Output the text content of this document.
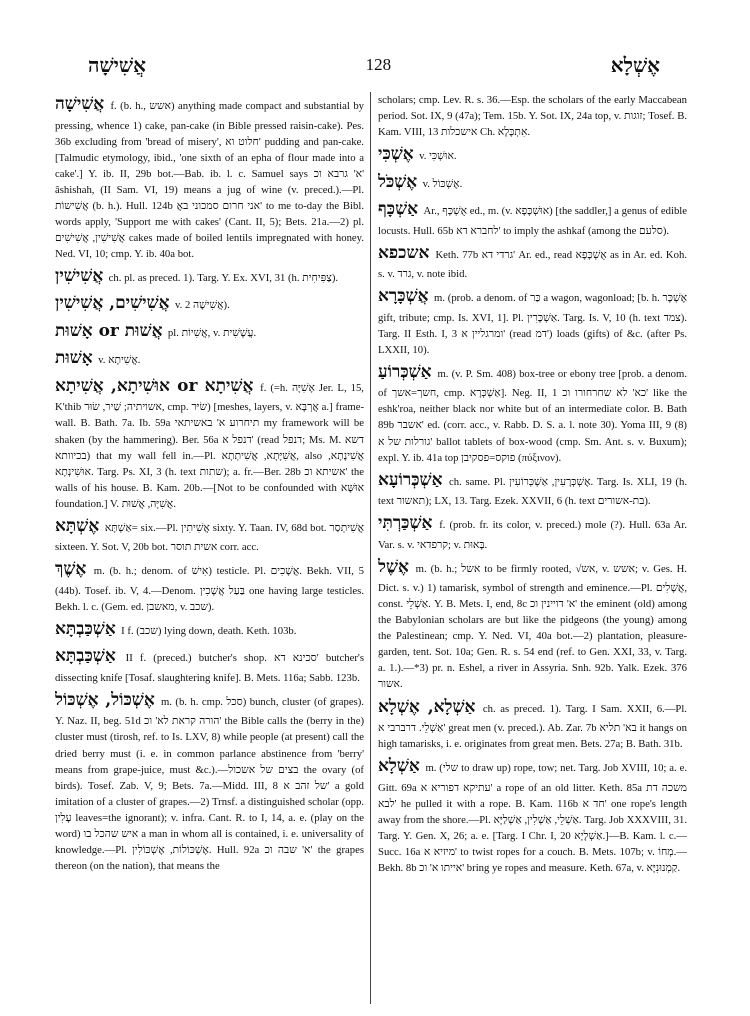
אֲשִׁישָׁה	128	אֶשְׁלָא

אֲשִׁישָׁה f. (b. h., אשש) anything made compact and substantial by pressing, whence 1) cake, pan-cake (in Bible pressed raisin-cake). Pes. 36b excluding from 'bread of misery', חלוט וא' pudding and pan-cake. [Talmudic etymology, ibid., 'one sixth of an epha of flour made into a cake'.] Y. ib. II, 29b bot.—Bab. ib. l. c. Samuel says א' גרבא וכ' âshishah, (II Sam. VI, 19) means a jug of wine (v. preced.).—Pl. אֲשִׁישוֹת (b. h.). Hull. 124b אני חרום סמכוני באֲ' to me to-day the Bibl. words apply, 'Support me with cakes' (Cant. II, 5); Bets. 21a.—2) pl. אֲשִׁישִׁין, אֲשִׁישִׁים cakes made of boiled lentils impregnated with honey. Ned. VI, 10; cmp. Y. ib. 40a bot.

אֲשִׁישִׁין ch. pl. as preced. 1). Targ. Y. Ex. XVI, 31 (h. צַפִּיחִית).

אֲשִׁישִׁים, אֲשִׁישִׁין v. אֲשִׁישָׁה 2).

אֲשׁוּת or אָשׁוּת pl. אֲשִׁיוֹת, v. עֲשָׁשִׁית.

אָשׁוּת v. אֲשִׁיתָא.

אֲשִׁיתָא or אוּשִׁיתָא, אֲשִׁיתָא f. (=h. אָשִׁיָּה Jer. L, 15, K'thib אשויתיה; שַׁיר, שׂוּר, cmp. שׂיּר) [meshes, layers, v. אֲרְבָּא a.] frame-wall. B. Bath. 7a. Ib. 59a תיחרוע א' באשיתאי my framework will be shaken (by the hammering). Ber. 56a דנפל א' (read דנפל; Ms. M. דשא בכיוותא) that my wall fell in.—Pl. אֲשִׁיָּתָא, אֲשִׁיתְתָא, also אֲשִׁינָתָא, אוּשִׁינְתָא. Targ. Ps. XI, 3 (h. text שתות); a. fr.—Ber. 28b אשיתא וכ' the walls of his house. B. Kam. 20b.—[Not to be confounded with אוּשָּׁא foundation.] V. אֲשִׁיָּה, אֲשׁוּת.

אֶשְׁתָּא אַשְׁתָּא= six.—Pl. אֲשִׁיתִין sixty. Y. Taan. IV, 68d bot. אֲשִׁיתְסַר sixteen. Y. Sot. V, 20b bot. אשית תוסר corr. acc.

אֶשֶׁךְ m. (b. h.; denom. of אִישׁ) testicle. Pl. אֲשָׁכִים. Bekh. VII, 5 (44b). Tosef. ib. V, 4.—Denom. בַּעַל אֲשָׁכִין one having large testicles. Bekh. l. c. (Gem. ed. מאשבן, v. שכב).

אַשְׁכַּבְתָּא I f. (שכב) lying down, death. Keth. 103b.

אַשְׁכַּבְתָּא II f. (preced.) butcher's shop. סכינא דא' butcher's dissecting knife [Tosaf. slaughtering knife]. B. Mets. 116a; Sabb. 123b.

אֶשְׁכּוֹל, אֶשְׁכּוֹל m. (b. h. cmp. סכל) bunch, cluster (of grapes). Y. Naz. II, beg. 51d הורה קראת לא' וכ' the Bible calls the (berry in the) cluster must (tirosh, ref. to Is. LXV, 8) while people (at present) call the dried berry must (i. e. in common parlance abstinence from 'berry' means from grape-juice, must &c.).—בצים של אשכול the ovary (of birds). Tosef. Zab. V, 9; Bets. 7a.—Midd. III, 8 של זהב א' a gold imitation of a cluster of grapes.—2) Trnsf. a distinguished scholar (opp. עָלִין leaves=the ignorant); v. infra. Cant. R. to I, 14, a. e. (play on the word) איש שהכל בו a man in whom all is contained, i. e. universality of knowledge.—Pl. אֶשְׁכּוֹלוֹת, אֶשְׁכּוֹלִין. Hull. 92a א' שבה וכ' the grapes thereon (on the nation), that means the

scholars; cmp. Lev. R. s. 36.—Esp. the scholars of the early Maccabean period. Sot. IX, 9 (47a); Tem. 15b. Y. Sot. IX, 24a top, v. זוגות; Tosef. B. Kam. VIII, 13 אישכלות Ch. אִתְכָּלָא.

אֶשְׁכִּי v. אוּשְׁכִּי.

אֶשְׁכֹּל v. אֶשְׁכּוֹל.

אַשְׁכָּף Ar., אֻשְׁכָּף ed., m. (v. אוּשְׁכָּפָא) [the saddler,] a genus of edible locusts. Hull. 65b לחברא דא' to imply the ashkaf (among the סלעם).

אשכפא Keth. 77b גרדי דא' Ar. ed., read אֻשְׁכָּפָא as in Ar. ed. Koh. s. v. גרד, v. note ibid.

אֲשְׁכָּרָא m. (prob. a denom. of כַּר a wagon, wagonload; [b. h. אֶשְׁכָּר gift, tribute; cmp. Is. XVI, 1]. Pl. אַשְׁכָּרִין. Targ. Is. V, 10 (h. text צמד). Targ. II Esth. I, 3 ומרגליין א' (read דמ') loads (gifts) of &c. (after Ps. LXXII, 10).

אַשְׁכְּרוֹעַ m. (v. P. Sm. 408) box-tree or ebony tree [prob. a denom. of חשך=אשך, cmp. אַשְׁכְּרָא]. Neg. II, 1 כא' לא שחרחורו וכ' like the eshk'roa, neither black nor white but of an intermediate color. B. Bath 89b אשבר' ed. (corr. acc., v. Rabb. D. S. a. l. note 30). Yoma III, 9 (8) גורלות של א' ballot tablets of box-wood (cmp. Sm. Ant. s. v. Buxum); expl. Y. ib. 41a top פוקס=פסקיבן (πύξινον).

אַשְׁכְּרוֹעָא ch. same. Pl. אֶשְׁכְּרָעִין, אַשְׁכְּרוֹעִין. Targ. Is. XLI, 19 (h. text תאשור); LX, 13. Targ. Ezek. XXVII, 6 (h. text בת-אשורים).

אַשְׁכַּרְתִּי f. (prob. fr. its color, v. preced.) mole (?). Hull. 63a Ar. Var. s. v. קרפדאי; v. בָּאוּת.

אֶשֶׁל m. (b. h.; אשל to be firmly rooted, √אש, v. אשש; v. Ges. H. Dict. s. v.) 1) tamarisk, symbol of strength and eminence.—Pl. אֲשָׁלִים, const. אַשְׁלֵי. Y. B. Mets. I, end, 8c א' דויינין וכ' the eminent (old) among the Babylonian scholars are but like the pidgeons (the young) among the Palestinean; cmp. Y. Ned. VI, 40a bot.—2) plantation, pleasure-garden, tent. Sot. 10a; Gen. R. s. 54 end (ref. to Gen. XXI, 33, v. Targ. a. 1.).—*3) pr. n. Eshel, a river in Assyria. Snh. 92b. Yalk. Ezek. 376 אשור.

אַשְׁלָא, אֶשְׁלָא ch. as preced. 1). Targ. I Sam. XXII, 6.—Pl. אַשְׁלֵי. דרברבי א' great men (v. preced.). Ab. Zar. 7b בא' תליא it hangs on high tamarisks, i. e. originates from great men. Bets. 27a; B. Bath. 31b.

אַשְׁלָא m. (שלי to draw up) rope, tow; net. Targ. Job XVIII, 10; a. e. Gitt. 69a עתיקא דפוריא א' a rope of an old litter. Keth. 85a משכה דת לבא' he pulled it with a rope. B. Kam. 116b חד א' one rope's length away from the shore.—Pl. אַשְׁלֵי, אַשְׁלִין, אַשְׁלַיָּא. Targ. Job XXXVIII, 31. Targ. Y. Gen. X, 26; a. e. [Targ. I Chr. I, 20 אַשְׁלָיָא.]—B. Kam. l. c.—Succ. 16a מיזיא א' to twist ropes for a couch. B. Mets. 107b; v. מְחוֹ.—Bekh. 8b אייתו א' וכ' bring ye ropes and measure. Keth. 67a, v. קַמְנוּנִיָּא.
